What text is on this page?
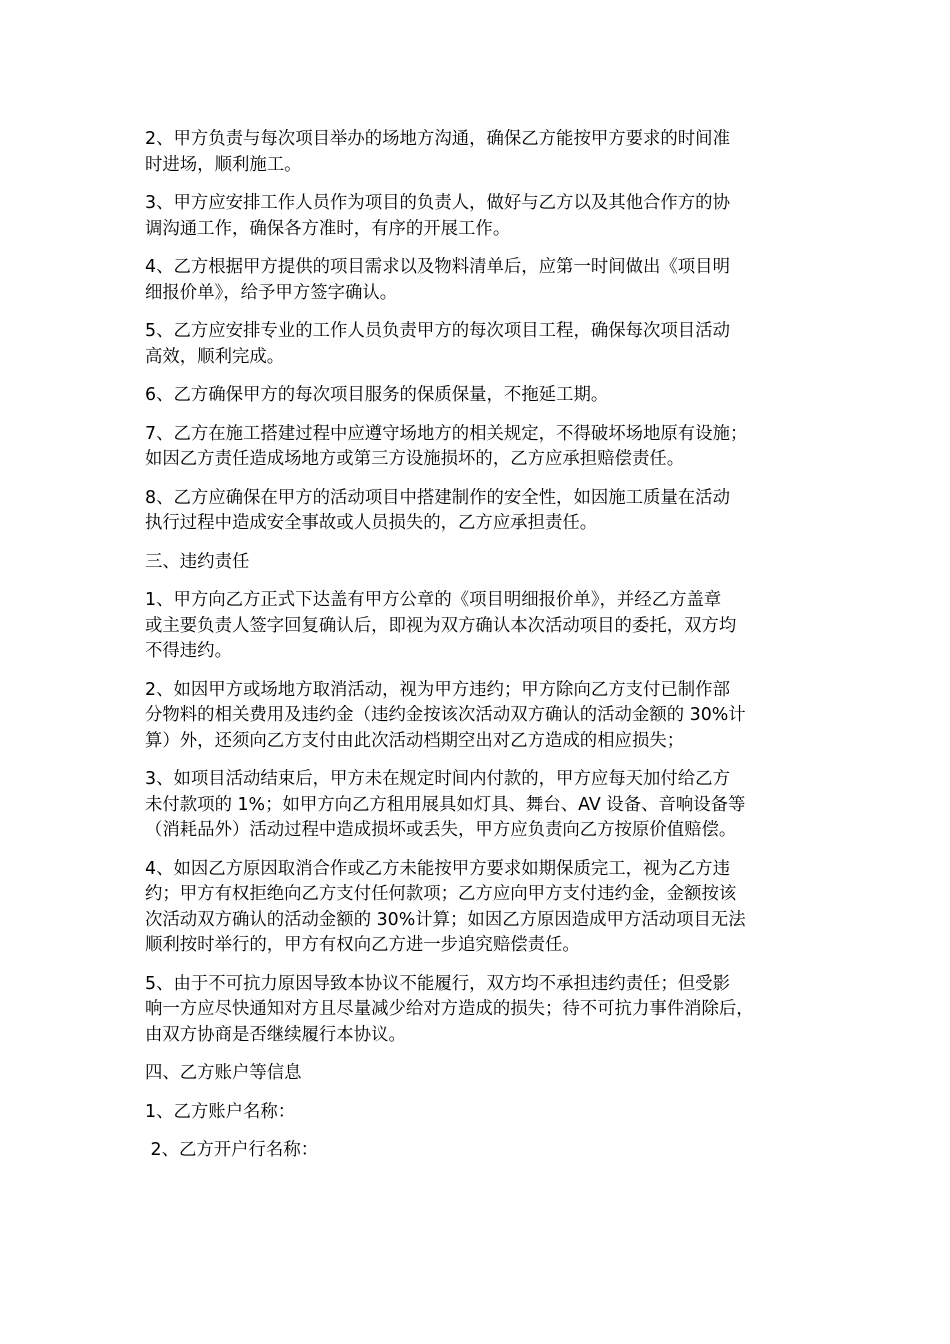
2、甲方负责与每次项目举办的场地方沟通，确保乙方能按甲方要求的时间准
时进场，顺利施工。

3、甲方应安排工作人员作为项目的负责人，做好与乙方以及其他合作方的协
调沟通工作，确保各方准时，有序的开展工作。

4、乙方根据甲方提供的项目需求以及物料清单后，应第一时间做出《项目明
细报价单》，给予甲方签字确认。

5、乙方应安排专业的工作人员负责甲方的每次项目工程，确保每次项目活动
高效，顺利完成。

6、乙方确保甲方的每次项目服务的保质保量，不拖延工期。

7、乙方在施工搭建过程中应遵守场地方的相关规定，不得破坏场地原有设施；
如因乙方责任造成场地方或第三方设施损坏的，乙方应承担赔偿责任。

8、乙方应确保在甲方的活动项目中搭建制作的安全性，如因施工质量在活动
执行过程中造成安全事故或人员损失的，乙方应承担责任。

三、违约责任

1、甲方向乙方正式下达盖有甲方公章的《项目明细报价单》，并经乙方盖章
或主要负责人签字回复确认后，即视为双方确认本次活动项目的委托，双方均
不得违约。

2、如因甲方或场地方取消活动，视为甲方违约；甲方除向乙方支付已制作部
分物料的相关费用及违约金（违约金按该次活动双方确认的活动金额的 30%计
算）外，还须向乙方支付由此次活动档期空出对乙方造成的相应损失；

3、如项目活动结束后，甲方未在规定时间内付款的，甲方应每天加付给乙方
未付款项的 1%；如甲方向乙方租用展具如灯具、舞台、AV 设备、音响设备等
（消耗品外）活动过程中造成损坏或丢失，甲方应负责向乙方按原价值赔偿。

4、如因乙方原因取消合作或乙方未能按甲方要求如期保质完工，视为乙方违
约；甲方有权拒绝向乙方支付任何款项；乙方应向甲方支付违约金，金额按该
次活动双方确认的活动金额的 30%计算；如因乙方原因造成甲方活动项目无法
顺利按时举行的，甲方有权向乙方进一步追究赔偿责任。

5、由于不可抗力原因导致本协议不能履行，双方均不承担违约责任；但受影
响一方应尽快通知对方且尽量减少给对方造成的损失；待不可抗力事件消除后，
由双方协商是否继续履行本协议。

四、乙方账户等信息

1、乙方账户名称：

2、乙方开户行名称：
